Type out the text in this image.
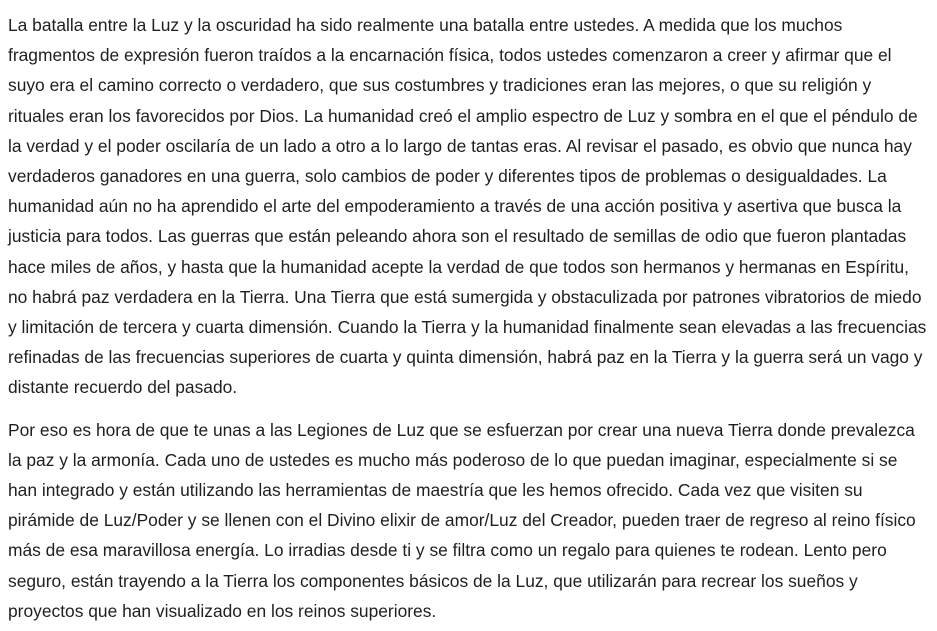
La batalla entre la Luz y la oscuridad ha sido realmente una batalla entre ustedes. A medida que los muchos fragmentos de expresión fueron traídos a la encarnación física, todos ustedes comenzaron a creer y afirmar que el suyo era el camino correcto o verdadero, que sus costumbres y tradiciones eran las mejores, o que su religión y rituales eran los favorecidos por Dios. La humanidad creó el amplio espectro de Luz y sombra en el que el péndulo de la verdad y el poder oscilaría de un lado a otro a lo largo de tantas eras. Al revisar el pasado, es obvio que nunca hay verdaderos ganadores en una guerra, solo cambios de poder y diferentes tipos de problemas o desigualdades. La humanidad aún no ha aprendido el arte del empoderamiento a través de una acción positiva y asertiva que busca la justicia para todos. Las guerras que están peleando ahora son el resultado de semillas de odio que fueron plantadas hace miles de años, y hasta que la humanidad acepte la verdad de que todos son hermanos y hermanas en Espíritu, no habrá paz verdadera en la Tierra. Una Tierra que está sumergida y obstaculizada por patrones vibratorios de miedo y limitación de tercera y cuarta dimensión. Cuando la Tierra y la humanidad finalmente sean elevadas a las frecuencias refinadas de las frecuencias superiores de cuarta y quinta dimensión, habrá paz en la Tierra y la guerra será un vago y distante recuerdo del pasado.

Por eso es hora de que te unas a las Legiones de Luz que se esfuerzan por crear una nueva Tierra donde prevalezca la paz y la armonía. Cada uno de ustedes es mucho más poderoso de lo que puedan imaginar, especialmente si se han integrado y están utilizando las herramientas de maestría que les hemos ofrecido. Cada vez que visiten su pirámide de Luz/Poder y se llenen con el Divino elixir de amor/Luz del Creador, pueden traer de regreso al reino físico más de esa maravillosa energía. Lo irradias desde ti y se filtra como un regalo para quienes te rodean. Lento pero seguro, están trayendo a la Tierra los componentes básicos de la Luz, que utilizarán para recrear los sueños y proyectos que han visualizado en los reinos superiores.
